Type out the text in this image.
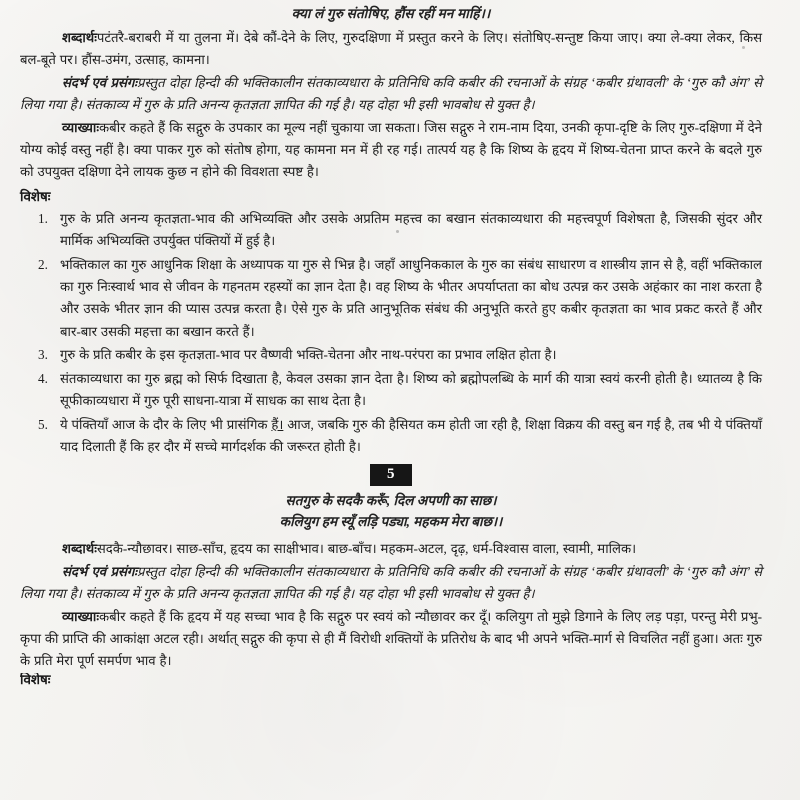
क्या लं गुरु संतोषिए, हौंस रहीं मन माहिं।।

शब्दार्थःपटंतरै-बराबरी में या तुलना में। देबे कौं-देने के लिए, गुरुदक्षिणा में प्रस्तुत करने के लिए। संतोषिए-सन्तुष्ट किया जाए। क्या ले-क्या लेकर, किस बल-बूते पर। हौंस-उमंग, उत्साह, कामना।

संदर्भ एवं प्रसंगःप्रस्तुत दोहा हिन्दी की भक्तिकालीन संतकाव्यधारा के प्रतिनिधि कवि कबीर की रचनाओं के संग्रह ‘कबीर ग्रंथावली’ के ‘गुरु कौ अंग’ से लिया गया है। संतकाव्य में गुरु के प्रति अनन्य कृतज्ञता ज्ञापित की गई है। यह दोहा भी इसी भावबोध से युक्त है।

व्याख्याःकबीर कहते हैं कि सद्गुरु के उपकार का मूल्य नहीं चुकाया जा सकता। जिस सद्गुरु ने राम-नाम दिया, उनकी कृपा-दृष्टि के लिए गुरु-दक्षिणा में देने योग्य कोई वस्तु नहीं है। क्या पाकर गुरु को संतोष होगा, यह कामना मन में ही रह गई। तात्पर्य यह है कि शिष्य के हृदय में शिष्य-चेतना प्राप्त करने के बदले गुरु को उपयुक्त दक्षिणा देने लायक कुछ न होने की विवशता स्पष्ट है।

विशेषः
1. गुरु के प्रति अनन्य कृतज्ञता-भाव की अभिव्यक्ति और उसके अप्रतिम महत्त्व का बखान संतकाव्यधारा की महत्त्वपूर्ण विशेषता है, जिसकी सुंदर और मार्मिक अभिव्यक्ति उपर्युक्त पंक्तियों में हुई है।
2. भक्तिकाल का गुरु आधुनिक शिक्षा के अध्यापक या गुरु से भिन्न है। जहाँ आधुनिककाल के गुरु का संबंध साधारण व शास्त्रीय ज्ञान से है, वहीं भक्तिकाल का गुरु निःस्वार्थ भाव से जीवन के गहनतम रहस्यों का ज्ञान देता है। वह शिष्य के भीतर अपर्याप्तता का बोध उत्पन्न कर उसके अहंकार का नाश करता है और उसके भीतर ज्ञान की प्यास उत्पन्न करता है। ऐसे गुरु के प्रति आनुभूतिक संबंध की अनुभूति करते हुए कबीर कृतज्ञता का भाव प्रकट करते हैं और बार-बार उसकी महत्ता का बखान करते हैं।
3. गुरु के प्रति कबीर के इस कृतज्ञता-भाव पर वैष्णवी भक्ति-चेतना और नाथ-परंपरा का प्रभाव लक्षित होता है।
4. संतकाव्यधारा का गुरु ब्रह्म को सिर्फ दिखाता है, केवल उसका ज्ञान देता है। शिष्य को ब्रह्मोपलब्धि के मार्ग की यात्रा स्वयं करनी होती है। ध्यातव्य है कि सूफीकाव्यधारा में गुरु पूरी साधना-यात्रा में साधक का साथ देता है।
5. ये पंक्तियाँ आज के दौर के लिए भी प्रासंगिक हैं। आज, जबकि गुरु की हैसियत कम होती जा रही है, शिक्षा विक्रय की वस्तु बन गई है, तब भी ये पंक्तियाँ याद दिलाती हैं कि हर दौर में सच्चे मार्गदर्शक की जरूरत होती है।
5
सतगुरु के सदकै करूँ, दिल अपणी का साछ।
कलियुग हम स्यूँ लड़ि पड्या, महकम मेरा बाछ।।

शब्दार्थःसदकै-न्यौछावर। साछ-साँच, हृदय का साक्षीभाव। बाछ-बाँच। महकम-अटल, दृढ़, धर्म-विश्वास वाला, स्वामी, मालिक।

संदर्भ एवं प्रसंगःप्रस्तुत दोहा हिन्दी की भक्तिकालीन संतकाव्यधारा के प्रतिनिधि कवि कबीर की रचनाओं के संग्रह ‘कबीर ग्रंथावली’ के ‘गुरु कौ अंग’ से लिया गया है। संतकाव्य में गुरु के प्रति अनन्य कृतज्ञता ज्ञापित की गई है। यह दोहा भी इसी भावबोध से युक्त है।

व्याख्याःकबीर कहते हैं कि हृदय में यह सच्चा भाव है कि सद्गुरु पर स्वयं को न्यौछावर कर दूँ। कलियुग तो मुझे डिगाने के लिए लड़ पड़ा, परन्तु मेरी प्रभु-कृपा की प्राप्ति की आकांक्षा अटल रही। अर्थात् सद्गुरु की कृपा से ही मैं विरोधी शक्तियों के प्रतिरोध के बाद भी अपने भक्ति-मार्ग से विचलित नहीं हुआ। अतः गुरु के प्रति मेरा पूर्ण समर्पण भाव है।

विशेषः
